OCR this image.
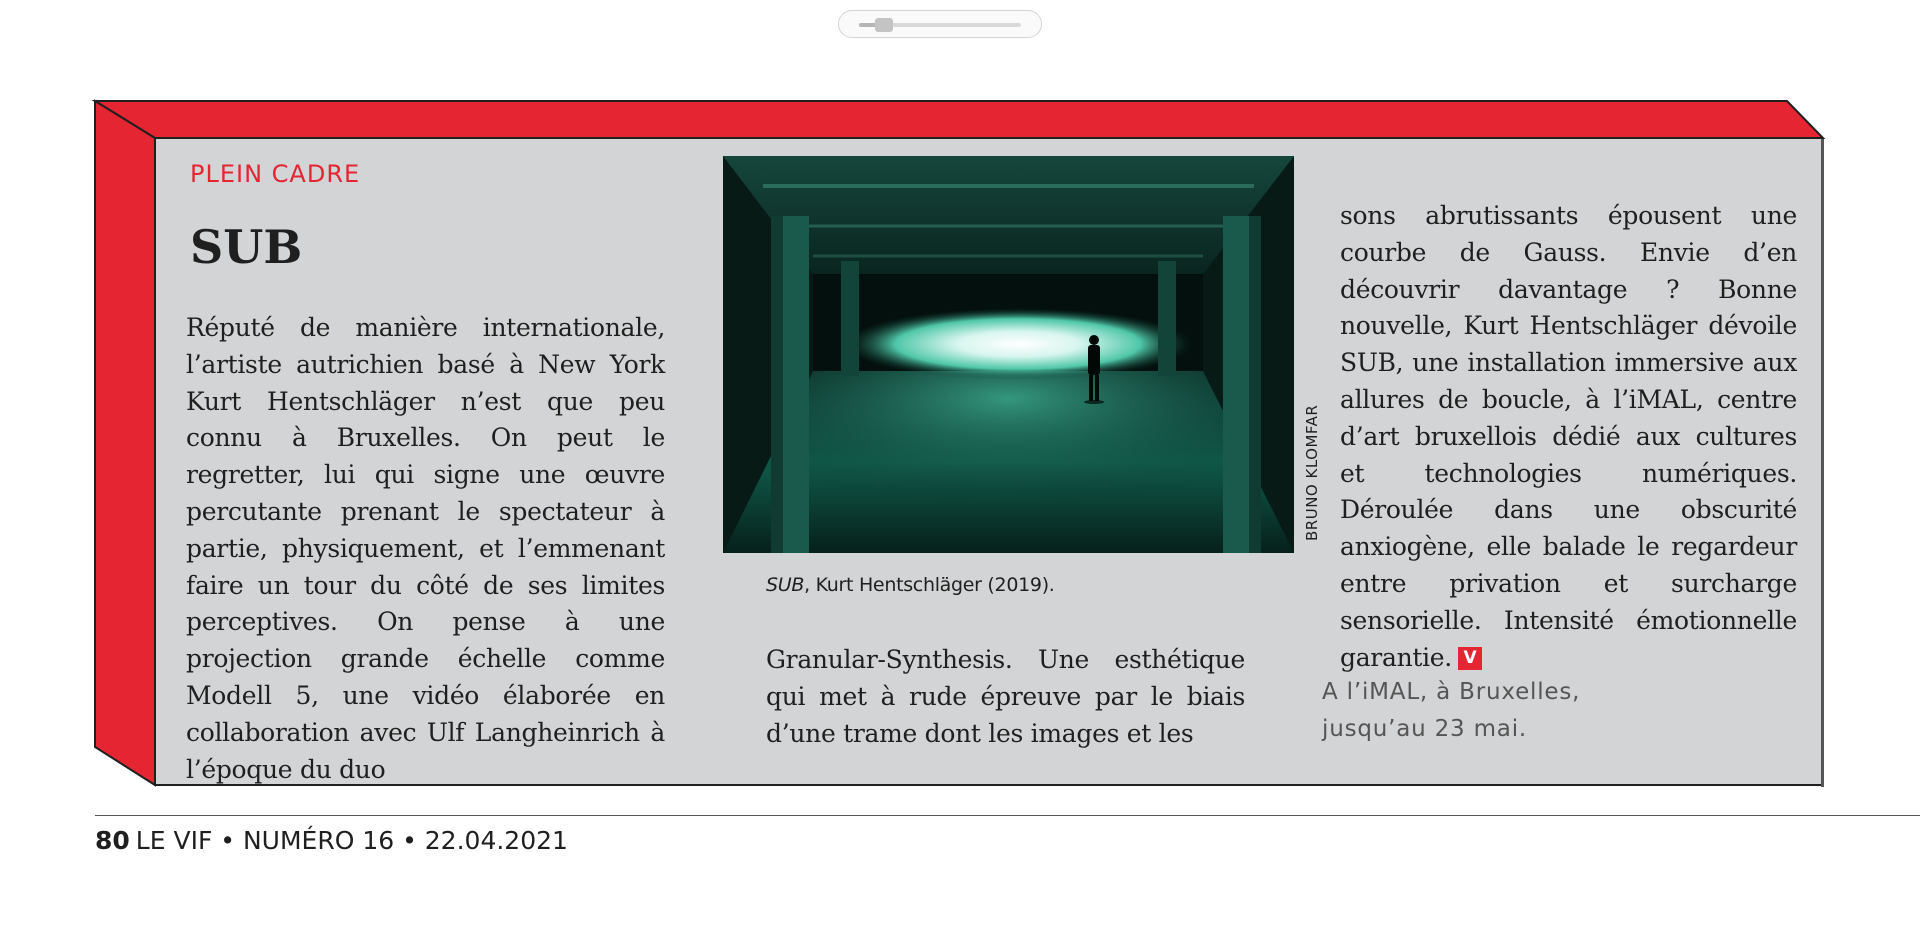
PLEIN CADRE

SUB

Réputé de manière internationale, l’artiste autrichien basé à New York Kurt Hentschläger n’est que peu connu à Bruxelles. On peut le regretter, lui qui signe une œuvre percutante prenant le spectateur à partie, physiquement, et l’emmenant faire un tour du côté de ses limites perceptives. On pense à une projection grande échelle comme Modell 5, une vidéo élaborée en collaboration avec Ulf Langheinrich à l’époque du duo

BRUNO KLOMFAR

SUB, Kurt Hentschläger (2019).

Granular-Synthesis. Une esthétique qui met à rude épreuve par le biais d’une trame dont les images et les

sons abrutissants épousent une courbe de Gauss. Envie d’en découvrir davantage ? Bonne nouvelle, Kurt Hentschläger dévoile SUB, une installation immersive aux allures de boucle, à l’iMAL, centre d’art bruxellois dédié aux cultures et technologies numériques. Déroulée dans une obscurité anxiogène, elle balade le regardeur entre privation et surcharge sensorielle. Intensité émotionnelle garantie. V

A l’iMAL, à Bruxelles,
jusqu’au 23 mai.

80 LE VIF • NUMÉRO 16 • 22.04.2021
